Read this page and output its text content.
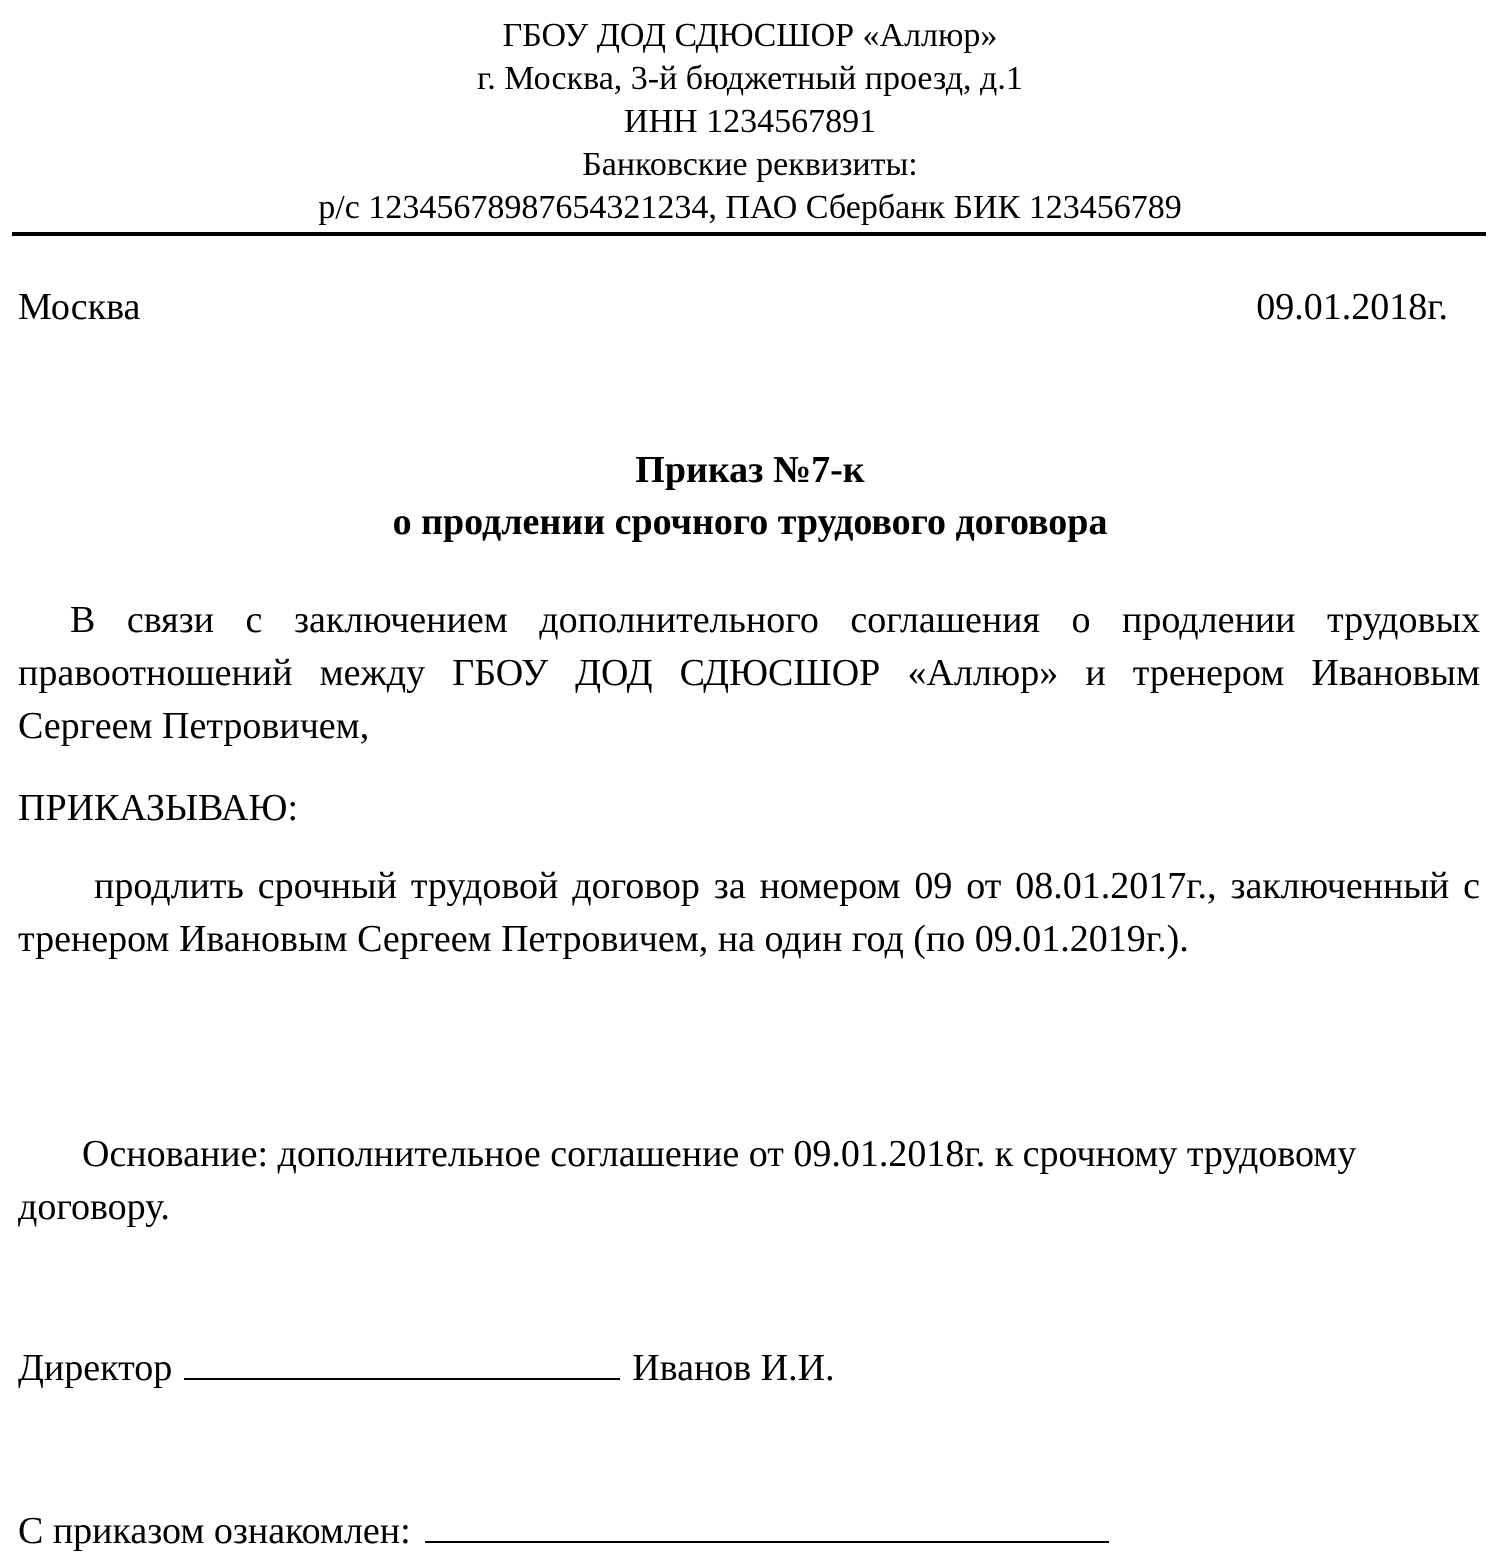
ГБОУ ДОД СДЮСШОР «Аллюр»
г. Москва, 3-й бюджетный проезд, д.1
ИНН 1234567891
Банковские реквизиты:
р/с 12345678987654321234, ПАО Сбербанк БИК 123456789
Москва	09.01.2018г.
Приказ №7-к
о продлении срочного трудового договора
В связи с заключением дополнительного соглашения о продлении трудовых правоотношений между ГБОУ ДОД СДЮСШОР «Аллюр» и тренером Ивановым Сергеем Петровичем,
ПРИКАЗЫВАЮ:
продлить срочный трудовой договор за номером 09 от 08.01.2017г., заключенный с тренером Ивановым Сергеем Петровичем, на один год (по 09.01.2019г.).
Основание: дополнительное соглашение от 09.01.2018г. к срочному трудовому договору.
Директор	Иванов И.И.
С приказом ознакомлен:
